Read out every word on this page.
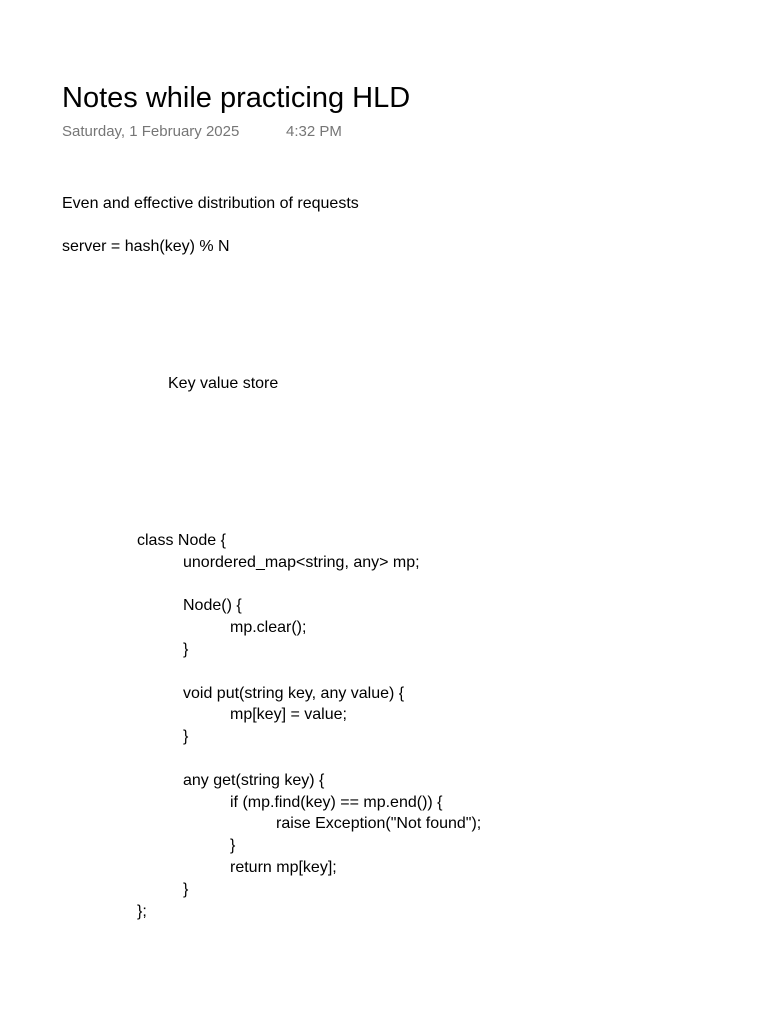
Notes while practicing HLD
Saturday, 1 February 2025	4:32 PM
Even and effective distribution of requests
server = hash(key) % N
Key value store
class Node {
unordered_map<string, any> mp;
Node() {
mp.clear();
}
void put(string key, any value) {
mp[key] = value;
}
any get(string key) {
if (mp.find(key) == mp.end()) {
raise Exception("Not found");
}
return mp[key];
}
};
